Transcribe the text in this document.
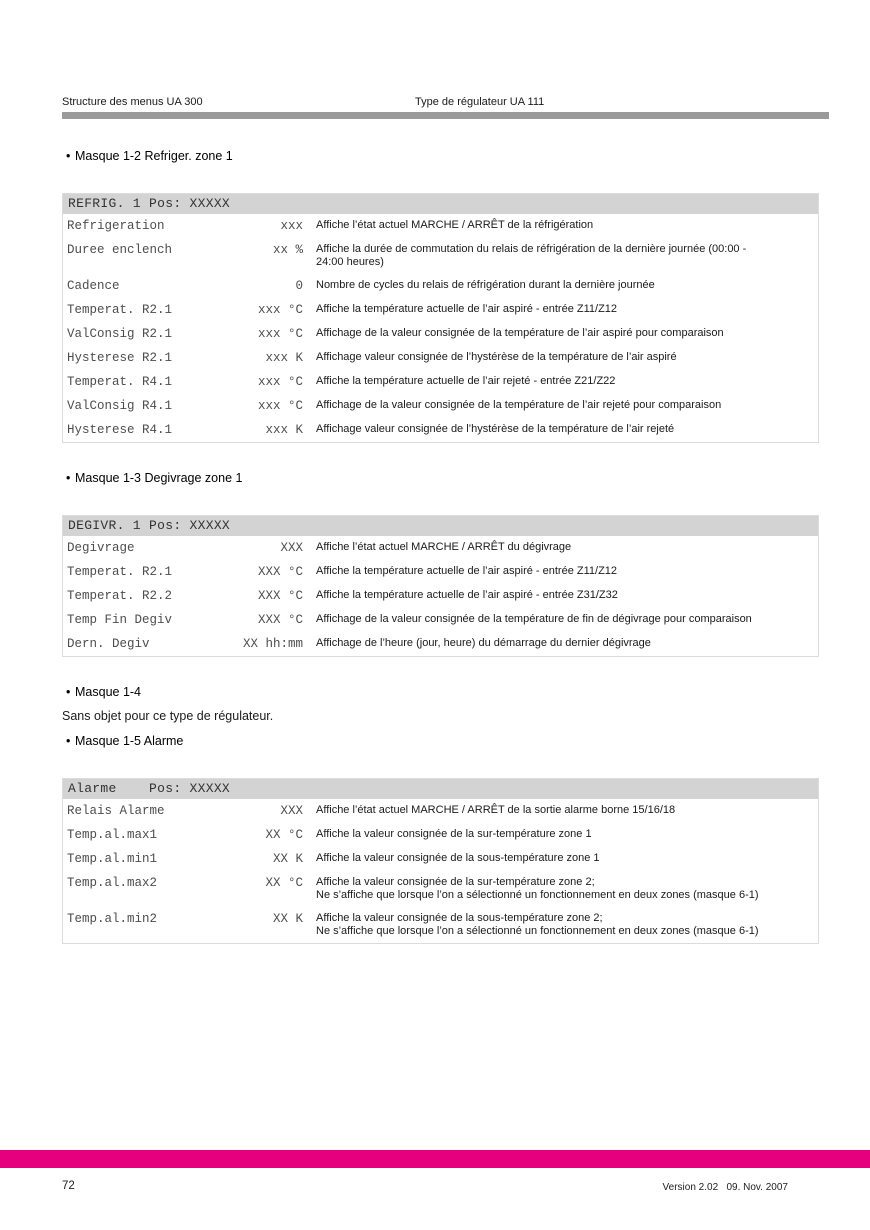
Structure des menus UA 300	Type de régulateur UA 111
• Masque 1-2 Refriger. zone 1
REFRIG. 1 Pos: XXXXX
Refrigeration	xxx Affiche l’état actuel MARCHE / ARRÊT de la réfrigération
Duree enclench	xx % Affiche la durée de commutation du relais de réfrigération de la dernière journée (00:00 -
24:00 heures)
Cadence	0 Nombre de cycles du relais de réfrigération durant la dernière journée
Temperat. R2.1	xxx °C Affiche la température actuelle de l’air aspiré - entrée Z11/Z12
ValConsig R2.1	xxx °C Affichage de la valeur consignée de la température de l’air aspiré pour comparaison
Hysterese R2.1	xxx K Affichage valeur consignée de l’hystérèse de la température de l’air aspiré
Temperat. R4.1	xxx °C Affiche la température actuelle de l’air rejeté - entrée Z21/Z22
ValConsig R4.1	xxx °C Affichage de la valeur consignée de la température de l’air rejeté pour comparaison
Hysterese R4.1	xxx K Affichage valeur consignée de l’hystérèse de la température de l’air rejeté
• Masque 1-3 Degivrage zone 1
DEGIVR. 1 Pos: XXXXX
Degivrage	XXX Affiche l’état actuel MARCHE / ARRÊT du dégivrage
Temperat. R2.1	XXX °C Affiche la température actuelle de l’air aspiré - entrée Z11/Z12
Temperat. R2.2	XXX °C Affiche la température actuelle de l’air aspiré - entrée Z31/Z32
Temp Fin Degiv	XXX °C Affichage de la valeur consignée de la température de fin de dégivrage pour comparaison
Dern. Degiv	XX hh:mm Affichage de l’heure (jour, heure) du démarrage du dernier dégivrage
• Masque 1-4
Sans objet pour ce type de régulateur.
• Masque 1-5 Alarme
Alarme    Pos: XXXXX
Relais Alarme	XXX Affiche l’état actuel MARCHE / ARRÊT de la sortie alarme borne 15/16/18
Temp.al.max1	XX °C Affiche la valeur consignée de la sur-température zone 1
Temp.al.min1	XX K Affiche la valeur consignée de la sous-température zone 1
Temp.al.max2	XX °C Affiche la valeur consignée de la sur-température zone 2;
Ne s’affiche que lorsque l’on a sélectionné un fonctionnement en deux zones (masque 6-1)
Temp.al.min2	XX K Affiche la valeur consignée de la sous-température zone 2;
Ne s’affiche que lorsque l’on a sélectionné un fonctionnement en deux zones (masque 6-1)
72	Version 2.02   09. Nov. 2007
